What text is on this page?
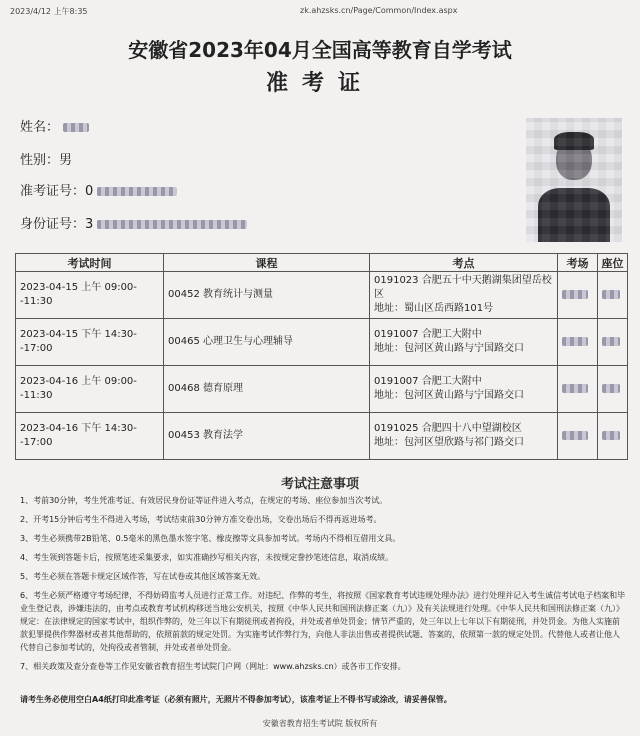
2023/4/12 上午8:35	zk.ahzsks.cn/Page/Common/Index.aspx
安徽省2023年04月全国高等教育自学考试
准考证
姓名：
性别：男
准考证号：0
身份证号：3
考试时间	课程	考点	考场	座位
2023-04-15 上午 09:00--11:30	00452 教育统计与测量	0191023 合肥五十中天鹅湖集团望岳校区
地址：蜀山区岳西路101号		

2023-04-15 下午 14:30--17:00	00465 心理卫生与心理辅导	0191007 合肥工大附中
地址：包河区黄山路与宁国路交口		

2023-04-16 上午 09:00--11:30	00468 德育原理	0191007 合肥工大附中
地址：包河区黄山路与宁国路交口		

2023-04-16 下午 14:30--17:00	00453 教育法学	0191025 合肥四十八中望湖校区
地址：包河区望欣路与祁门路交口		

考试注意事项

1、考前30分钟，考生凭准考证、有效居民身份证等证件进入考点，在规定的考场、座位参加当次考试。

2、开考15分钟后考生不得进入考场，考试结束前30分钟方准交卷出场，交卷出场后不得再返进场考。

3、考生必须携带2B铅笔、0.5毫米的黑色墨水签字笔、橡皮擦等文具参加考试。考场内不得相互借用文具。

4、考生领到答题卡后，按照笔迹采集要求，如实准确抄写相关内容，未按规定誊抄笔迹信息，取消成绩。

5、考生必须在答题卡规定区域作答，写在试卷或其他区域答案无效。

6、考生必须严格遵守考场纪律，不得妨碍监考人员进行正常工作。对违纪、作弊的考生，将按照《国家教育考试违规处理办法》进行处理并记入考生诚信考试电子档案和毕业生登记表，涉嫌违法的，由考点或教育考试机构移送当地公安机关，按照《中华人民共和国刑法修正案（九）》及有关法规进行处理。《中华人民共和国刑法修正案（九）》规定：在法律规定的国家考试中，组织作弊的，处三年以下有期徒刑或者拘役，并处或者单处罚金；情节严重的，处三年以上七年以下有期徒刑，并处罚金。为他人实施前款犯罪提供作弊器材或者其他帮助的，依照前款的规定处罚。为实施考试作弊行为，向他人非法出售或者提供试题、答案的，依照第一款的规定处罚。代替他人或者让他人代替自己参加考试的，处拘役或者管制，并处或者单处罚金。

7、相关政策及查分查卷等工作见安徽省教育招生考试院门户网（网址：www.ahzsks.cn）或各市工作安排。

请考生务必使用空白A4纸打印此准考证（必须有照片，无照片不得参加考试），该准考证上不得书写或涂改，请妥善保管。
安徽省教育招生考试院 版权所有
